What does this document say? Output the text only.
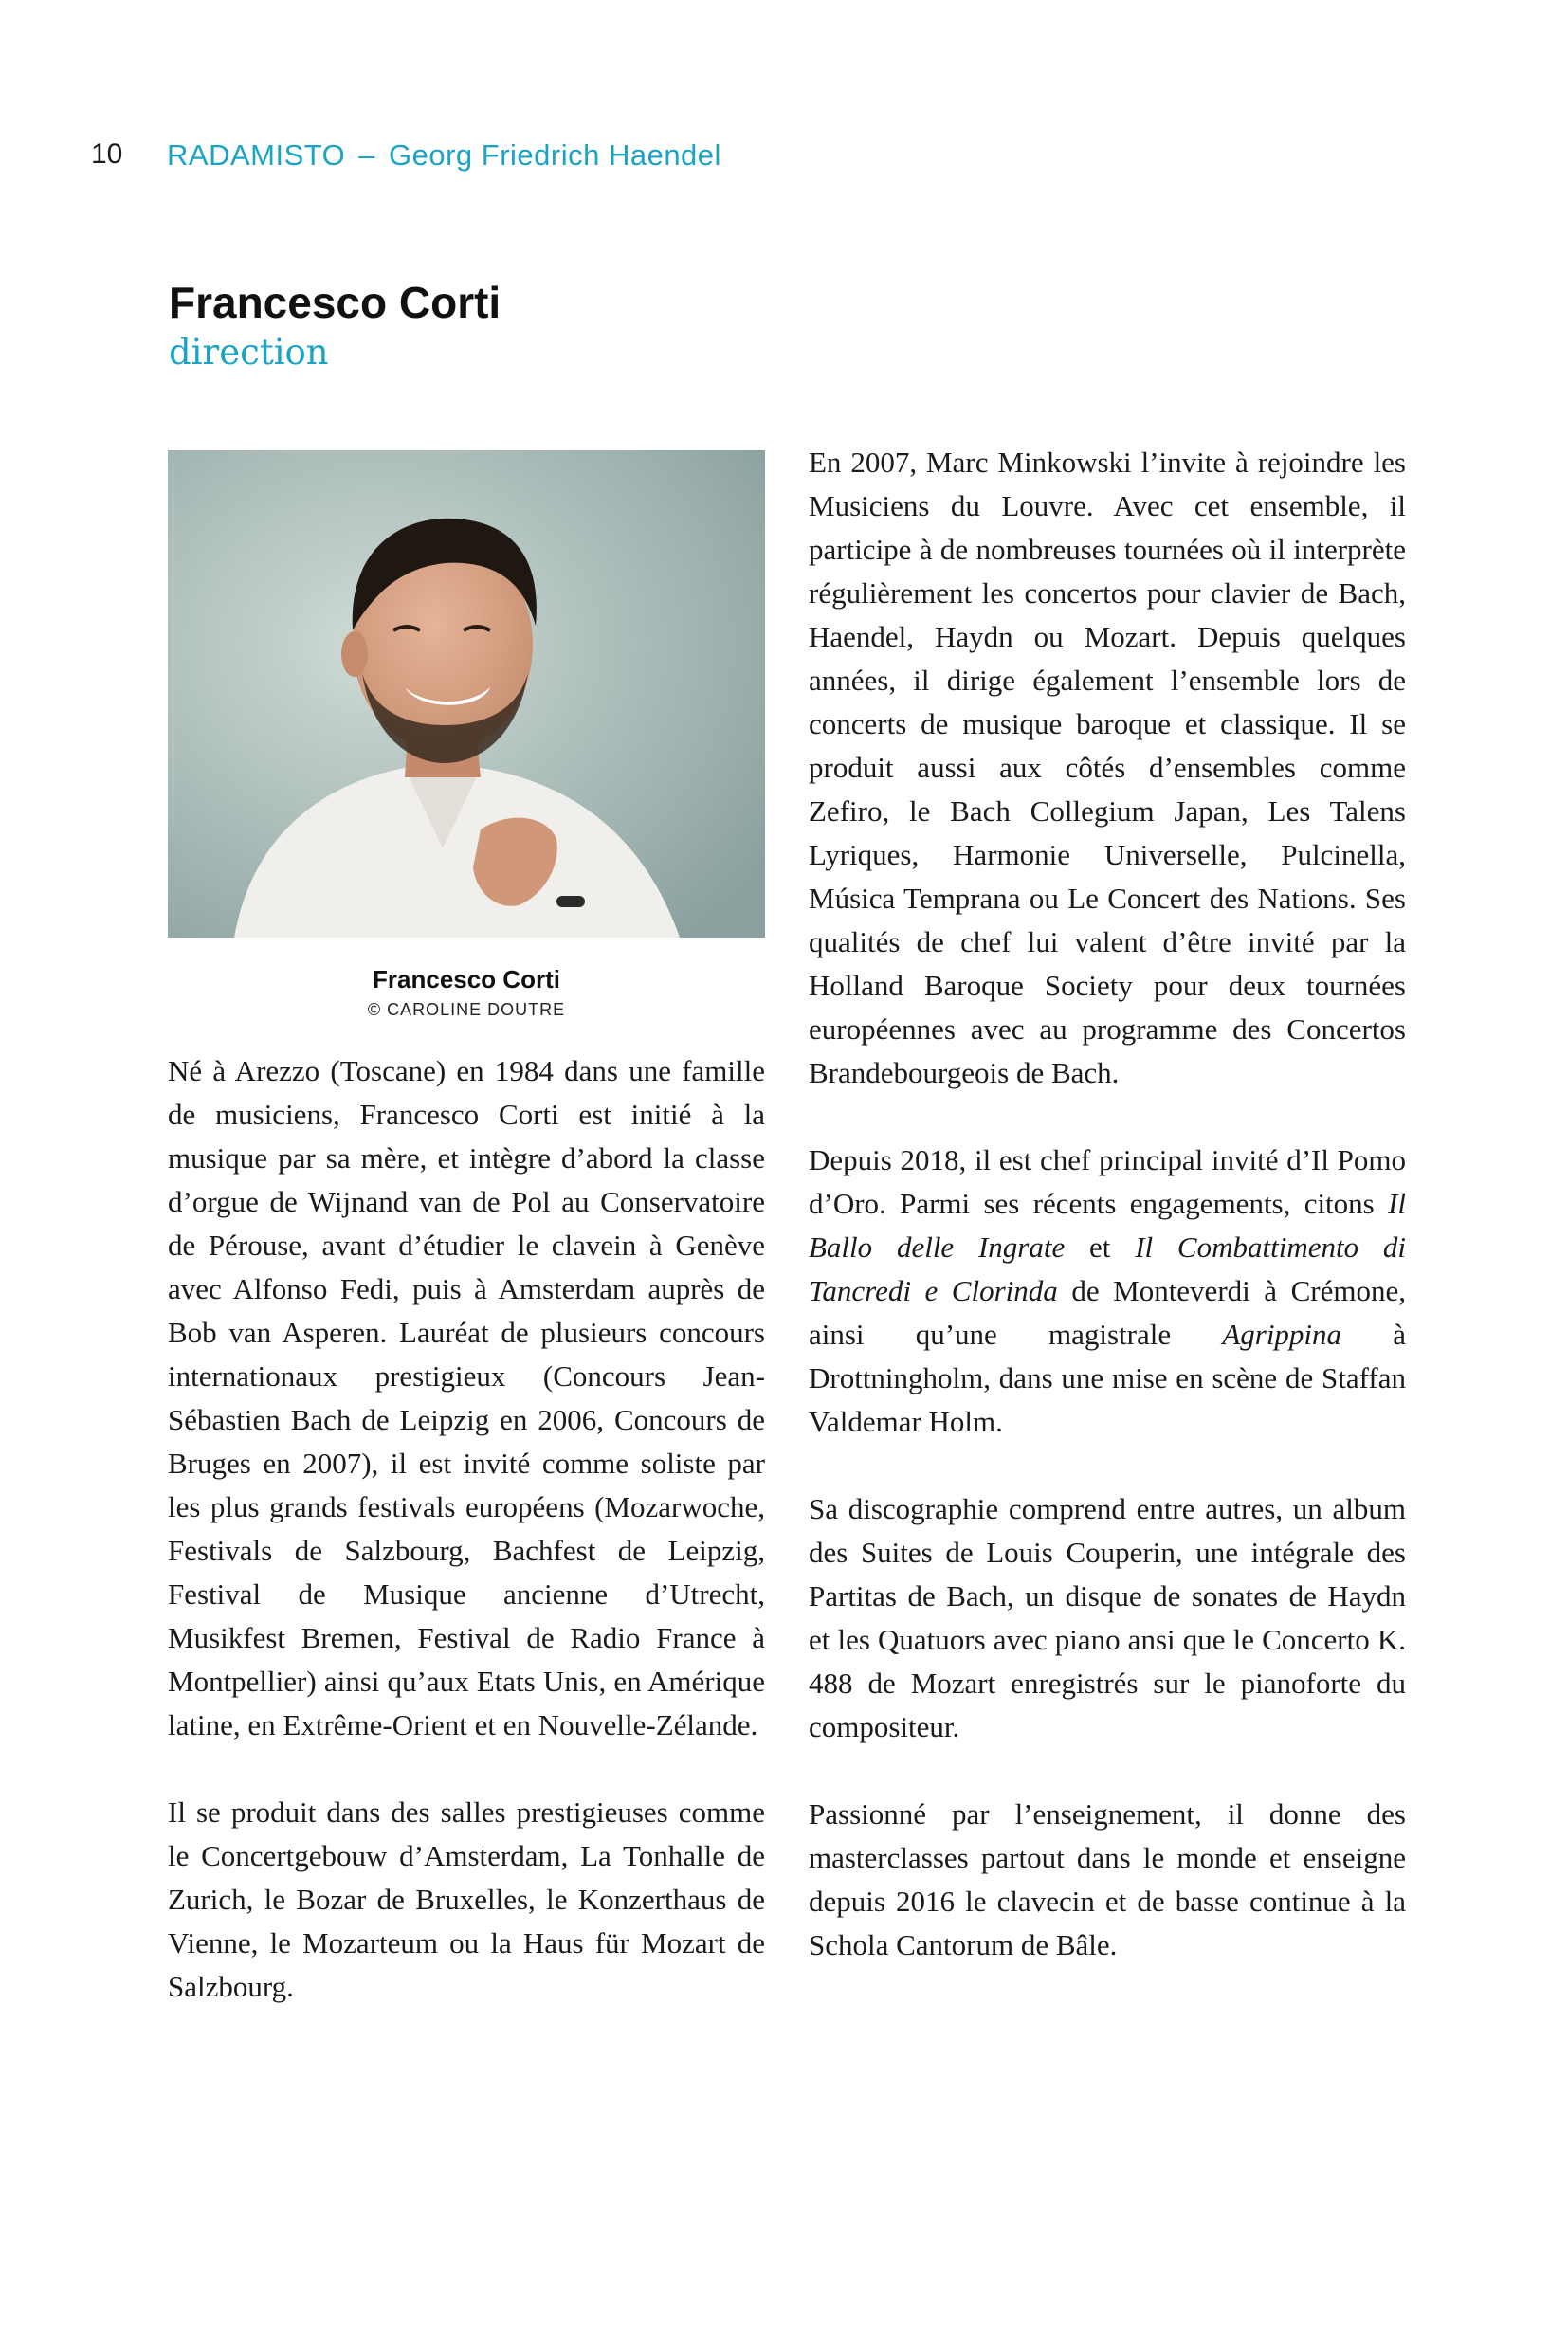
10 RADAMISTO – Georg Friedrich Haendel
Francesco Corti
direction
Francesco Corti
© CAROLINE DOUTRE

Né à Arezzo (Toscane) en 1984 dans une famille de musiciens, Francesco Corti est initié à la musique par sa mère, et intègre d’abord la classe d’orgue de Wijnand van de Pol au Conservatoire de Pérouse, avant d’étudier le clavein à Genève avec Alfonso Fedi, puis à Amsterdam auprès de Bob van Asperen. Lauréat de plusieurs concours internationaux prestigieux (Concours Jean-Sébastien Bach de Leipzig en 2006, Concours de Bruges en 2007), il est invité comme soliste par les plus grands festivals européens (Mozarwoche, Festivals de Salzbourg, Bachfest de Leipzig, Festival de Musique ancienne d’Utrecht, Musikfest Bremen, Festival de Radio France à Montpellier) ainsi qu’aux Etats Unis, en Amérique latine, en Extrême-Orient et en Nouvelle-Zélande.

Il se produit dans des salles prestigieuses comme le Concertgebouw d’Amsterdam, La Tonhalle de Zurich, le Bozar de Bruxelles, le Konzerthaus de Vienne, le Mozarteum ou la Haus für Mozart de Salzbourg.

En 2007, Marc Minkowski l’invite à rejoindre les Musiciens du Louvre. Avec cet ensemble, il participe à de nombreuses tournées où il interprète régulièrement les concertos pour clavier de Bach, Haendel, Haydn ou Mozart. Depuis quelques années, il dirige également l’ensemble lors de concerts de musique baroque et classique. Il se produit aussi aux côtés d’ensembles comme Zefiro, le Bach Collegium Japan, Les Talens Lyriques, Harmonie Universelle, Pulcinella, Música Temprana ou Le Concert des Nations. Ses qualités de chef lui valent d’être invité par la Holland Baroque Society pour deux tournées européennes avec au programme des Concertos Brandebourgeois de Bach.

Depuis 2018, il est chef principal invité d’Il Pomo d’Oro. Parmi ses récents engagements, citons Il Ballo delle Ingrate et Il Combattimento di Tancredi e Clorinda de Monteverdi à Crémone, ainsi qu’une magistrale Agrippina à Drottningholm, dans une mise en scène de Staffan Valdemar Holm.

Sa discographie comprend entre autres, un album des Suites de Louis Couperin, une intégrale des Partitas de Bach, un disque de sonates de Haydn et les Quatuors avec piano ansi que le Concerto K. 488 de Mozart enregistrés sur le pianoforte du compositeur.

Passionné par l’enseignement, il donne des masterclasses partout dans le monde et enseigne depuis 2016 le clavecin et de basse continue à la Schola Cantorum de Bâle.
